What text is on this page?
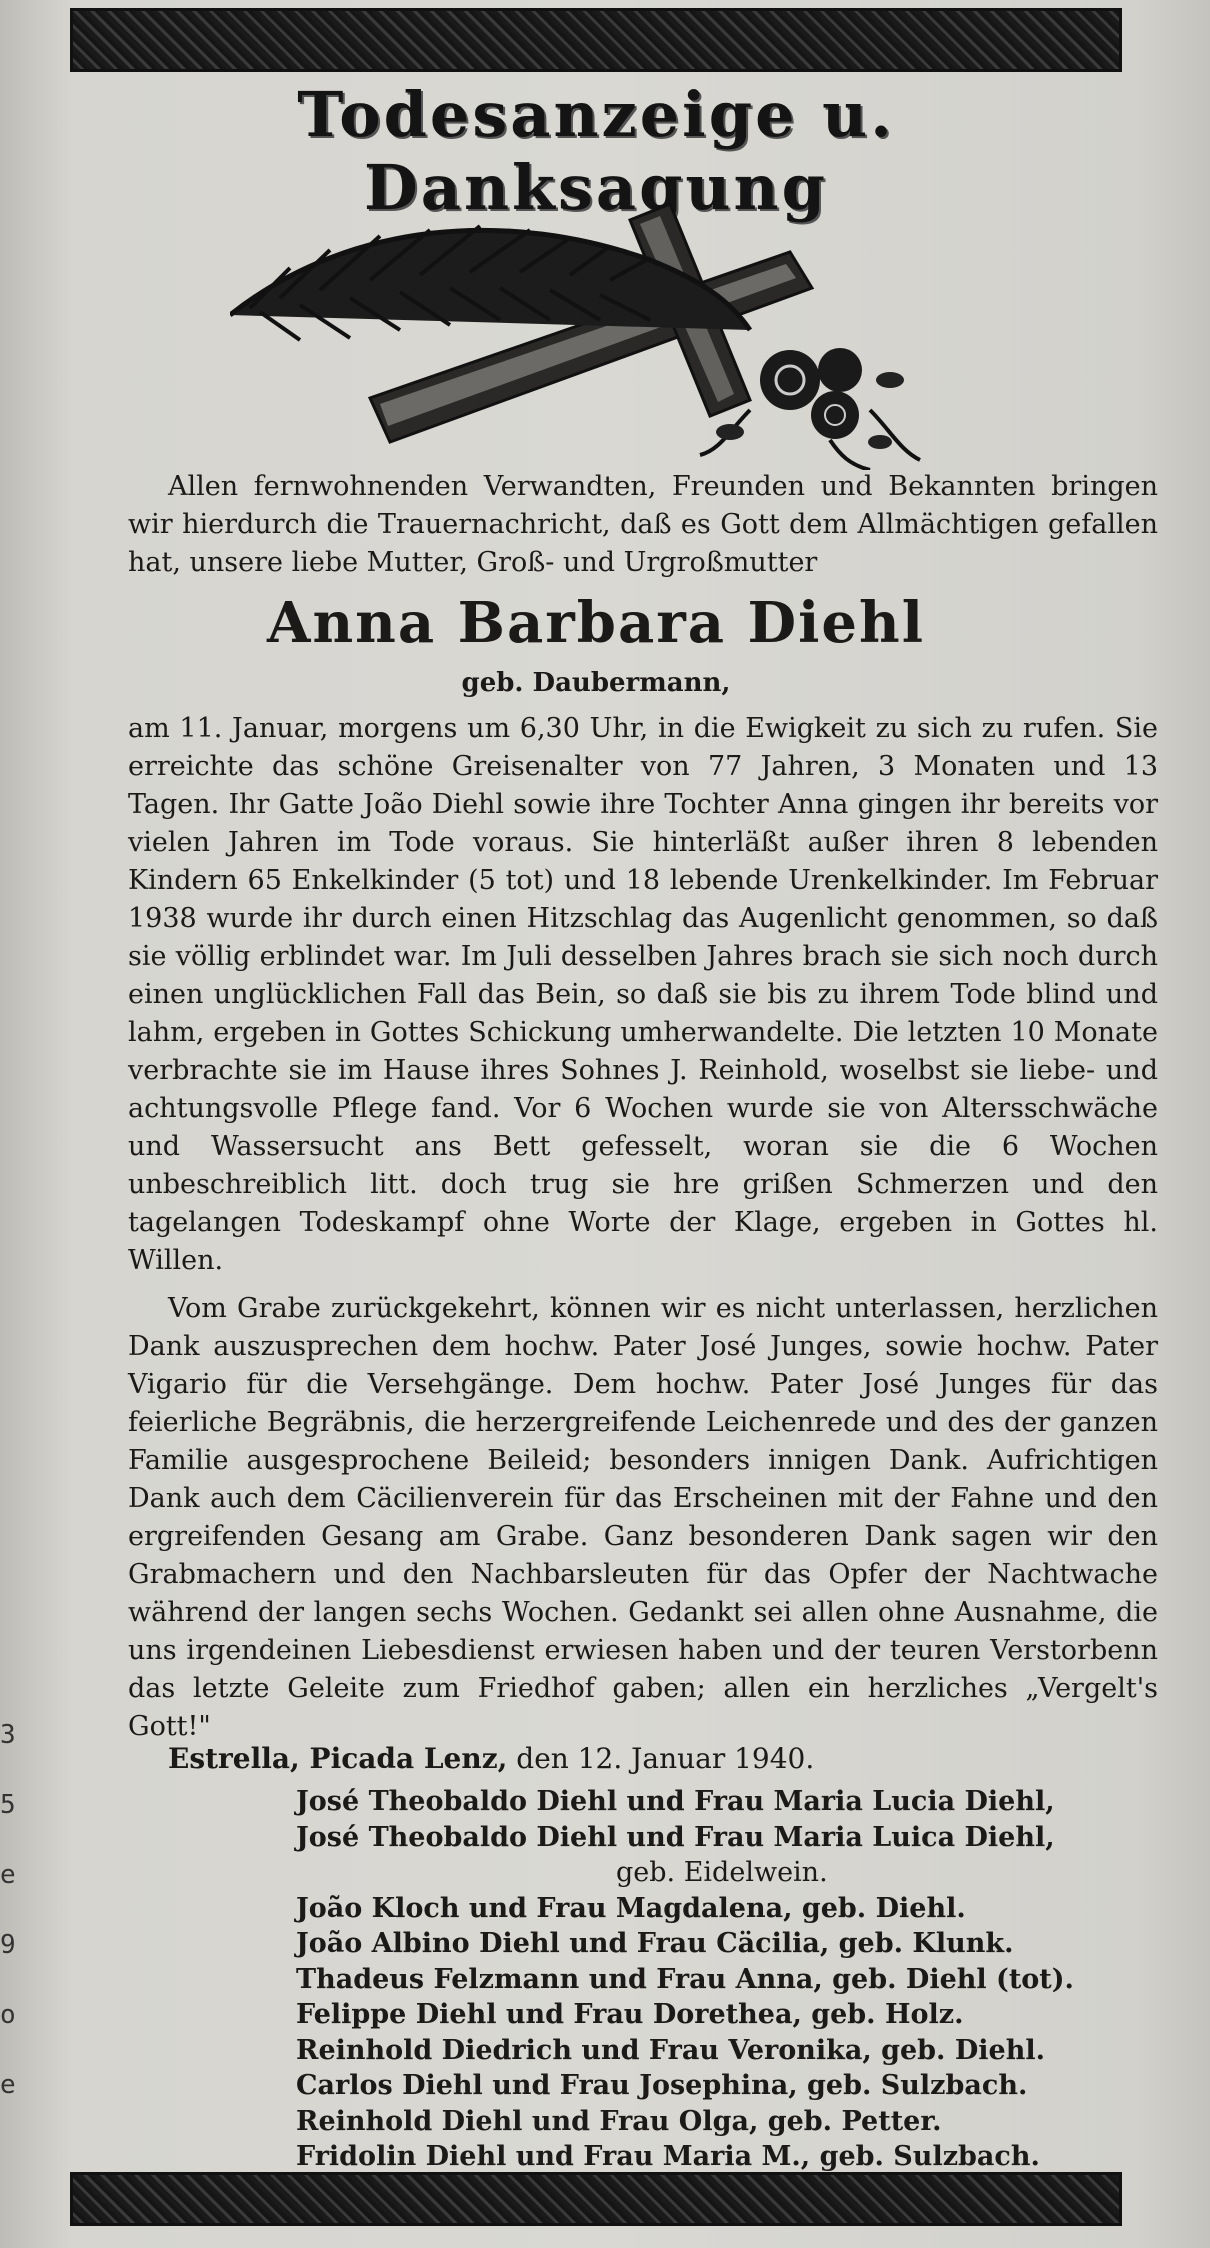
Todesanzeige u. Danksagung
Allen fernwohnenden Verwandten, Freunden und Bekannten bringen wir hierdurch die Trauernachricht, daß es Gott dem Allmächtigen gefallen hat, unsere liebe Mutter, Groß- und Urgroßmutter
Anna Barbara Diehl
geb. Daubermann,
am 11. Januar, morgens um 6,30 Uhr, in die Ewigkeit zu sich zu rufen. Sie erreichte das schöne Greisenalter von 77 Jahren, 3 Monaten und 13 Tagen. Ihr Gatte João Diehl sowie ihre Tochter Anna gingen ihr bereits vor vielen Jahren im Tode voraus. Sie hinterläßt außer ihren 8 lebenden Kindern 65 Enkelkinder (5 tot) und 18 lebende Urenkelkinder. Im Februar 1938 wurde ihr durch einen Hitzschlag das Augenlicht genommen, so daß sie völlig erblindet war. Im Juli desselben Jahres brach sie sich noch durch einen unglücklichen Fall das Bein, so daß sie bis zu ihrem Tode blind und lahm, ergeben in Gottes Schickung umherwandelte. Die letzten 10 Monate verbrachte sie im Hause ihres Sohnes J. Reinhold, woselbst sie liebe- und achtungsvolle Pflege fand. Vor 6 Wochen wurde sie von Altersschwäche und Wassersucht ans Bett gefesselt, woran sie die 6 Wochen unbeschreiblich litt. doch trug sie hre grißen Schmerzen und den tagelangen Todeskampf ohne Worte der Klage, ergeben in Gottes hl. Willen.
Vom Grabe zurückgekehrt, können wir es nicht unterlassen, herzlichen Dank auszusprechen dem hochw. Pater José Junges, sowie hochw. Pater Vigario für die Versehgänge. Dem hochw. Pater José Junges für das feierliche Begräbnis, die herzergreifende Leichenrede und des der ganzen Familie ausgesprochene Beileid; besonders innigen Dank. Aufrichtigen Dank auch dem Cäcilienverein für das Erscheinen mit der Fahne und den ergreifenden Gesang am Grabe. Ganz besonderen Dank sagen wir den Grabmachern und den Nachbarsleuten für das Opfer der Nachtwache während der langen sechs Wochen. Gedankt sei allen ohne Ausnahme, die uns irgendeinen Liebesdienst erwiesen haben und der teuren Verstorbenn das letzte Geleite zum Friedhof gaben; allen ein herzliches „Vergelt's Gott!"
Estrella, Picada Lenz, den 12. Januar 1940.
José Theobaldo Diehl und Frau Maria Lucia Diehl,
José Theobaldo Diehl und Frau Maria Luica Diehl,
geb. Eidelwein.
João Kloch und Frau Magdalena, geb. Diehl.
João Albino Diehl und Frau Cäcilia, geb. Klunk.
Thadeus Felzmann und Frau Anna, geb. Diehl (tot).
Felippe Diehl und Frau Dorethea, geb. Holz.
Reinhold Diedrich und Frau Veronika, geb. Diehl.
Carlos Diehl und Frau Josephina, geb. Sulzbach.
Reinhold Diehl und Frau Olga, geb. Petter.
Fridolin Diehl und Frau Maria M., geb. Sulzbach.
3
5
e
9
o
e
